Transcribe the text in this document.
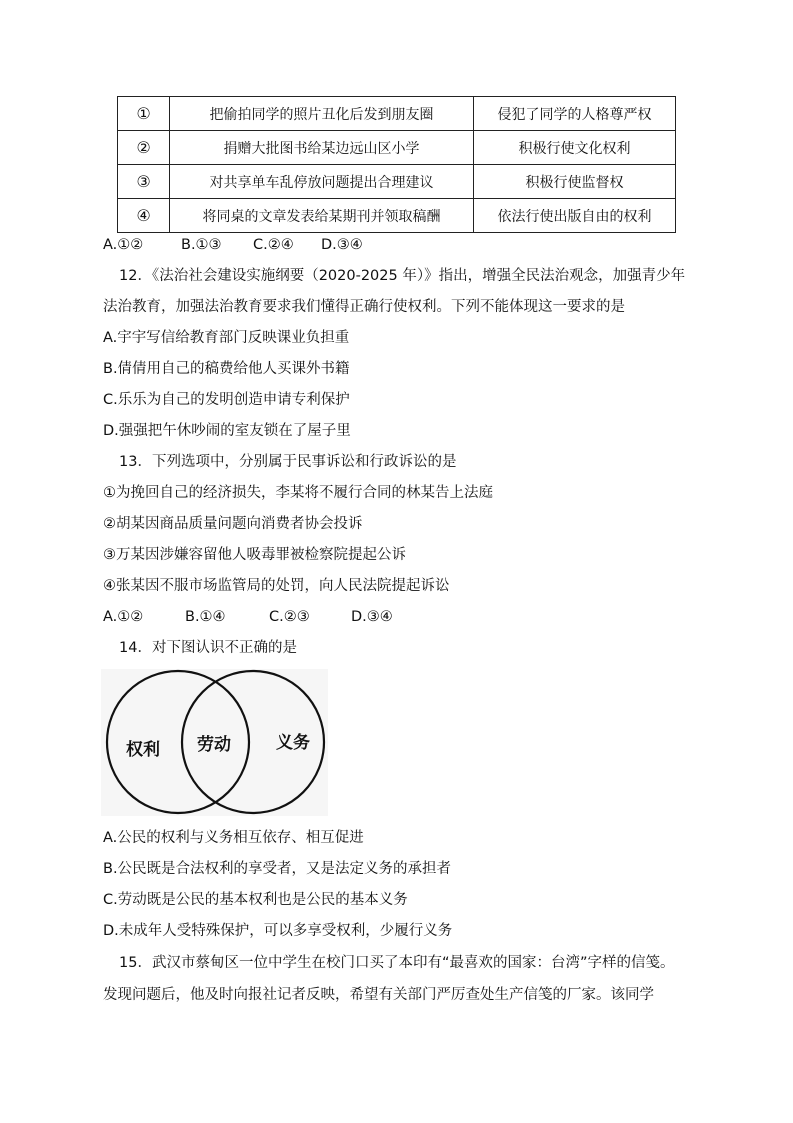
①	把偷拍同学的照片丑化后发到朋友圈	侵犯了同学的人格尊严权
②	捐赠大批图书给某边远山区小学	积极行使文化权利
③	对共享单车乱停放问题提出合理建议	积极行使监督权
④	将同桌的文章发表给某期刊并领取稿酬	依法行使出版自由的权利
A.①②	B.①③ C.②④ D.③④
12．《法治社会建设实施纲要（2020-2025 年）》指出，增强全民法治观念，加强青少年
法治教育，加强法治教育要求我们懂得正确行使权利。下列不能体现这一要求的是
A.宇宇写信给教育部门反映课业负担重
B.倩倩用自己的稿费给他人买课外书籍
C.乐乐为自己的发明创造申请专利保护
D.强强把午休吵闹的室友锁在了屋子里
13．下列选项中，分别属于民事诉讼和行政诉讼的是
①为挽回自己的经济损失，李某将不履行合同的林某告上法庭
②胡某因商品质量问题向消费者协会投诉
③万某因涉嫌容留他人吸毒罪被检察院提起公诉
④张某因不服市场监管局的处罚，向人民法院提起诉讼
A.①②	B.①④	C.②③	D.③④
14．对下图认识不正确的是
权利 劳动	义务
A.公民的权利与义务相互依存、相互促进
B.公民既是合法权利的享受者，又是法定义务的承担者
C.劳动既是公民的基本权利也是公民的基本义务
D.未成年人受特殊保护，可以多享受权利，少履行义务
15．武汉市蔡甸区一位中学生在校门口买了本印有“最喜欢的国家：台湾”字样的信笺。
发现问题后，他及时向报社记者反映，希望有关部门严厉查处生产信笺的厂家。该同学
